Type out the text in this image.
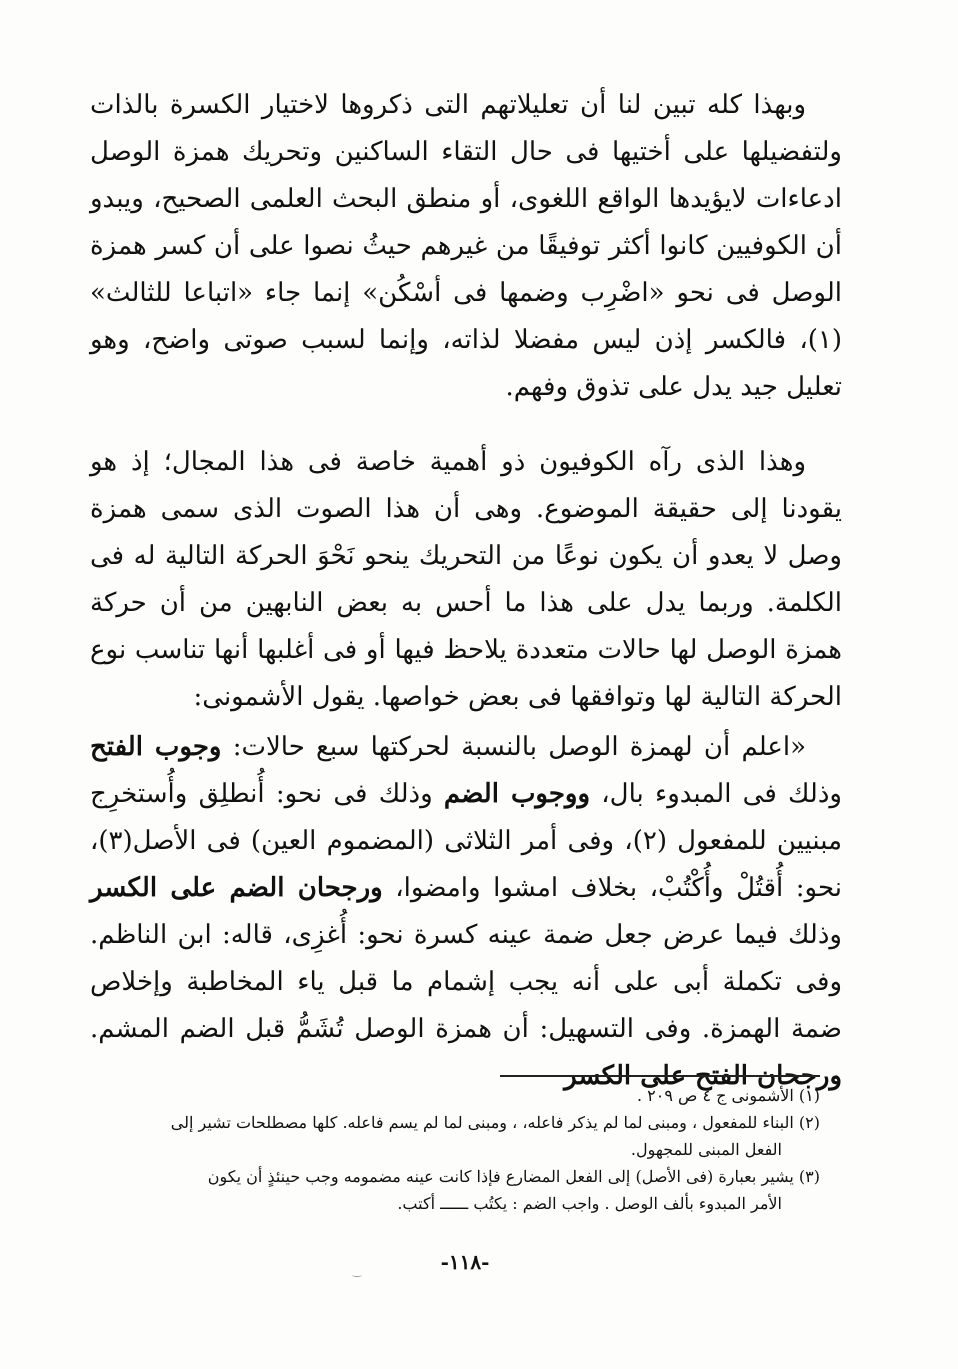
وبهذا كله تبين لنا أن تعليلاتهم التى ذكروها لاختيار الكسرة بالذات ولتفضيلها على أختيها فى حال التقاء الساكنين وتحريك همزة الوصل ادعاءات لايؤيدها الواقع اللغوى، أو منطق البحث العلمى الصحيح، ويبدو أن الكوفيين كانوا أكثر توفيقًا من غيرهم حيثُ نصوا على أن كسر همزة الوصل فى نحو «اضْرِب وضمها فى أسْكُن» إنما جاء «اتباعا للثالث» (١)، فالكسر إذن ليس مفضلا لذاته، وإنما لسبب صوتى واضح، وهو تعليل جيد يدل على تذوق وفهم.

وهذا الذى رآه الكوفيون ذو أهمية خاصة فى هذا المجال؛ إذ هو يقودنا إلى حقيقة الموضوع. وهى أن هذا الصوت الذى سمى همزة وصل لا يعدو أن يكون نوعًا من التحريك ينحو نَحْوَ الحركة التالية له فى الكلمة. وربما يدل على هذا ما أحس به بعض النابهين من أن حركة همزة الوصل لها حالات متعددة يلاحظ فيها أو فى أغلبها أنها تناسب نوع الحركة التالية لها وتوافقها فى بعض خواصها. يقول الأشمونى:

«اعلم أن لهمزة الوصل بالنسبة لحركتها سبع حالات: وجوب الفتح وذلك فى المبدوء بال، ووجوب الضم وذلك فى نحو: أُنطلِق وأُستخرِج مبنيين للمفعول (٢)، وفى أمر الثلاثى (المضموم العين) فى الأصل(٣)، نحو: أُقتُلْ وأُكْتُبْ، بخلاف امشوا وامضوا، ورجحان الضم على الكسر وذلك فيما عرض جعل ضمة عينه كسرة نحو: أُغزِى، قاله: ابن الناظم. وفى تكملة أبى على أنه يجب إشمام ما قبل ياء المخاطبة وإخلاص ضمة الهمزة. وفى التسهيل: أن همزة الوصل تُشَمُّ قبل الضم المشم. ورجحان الفتح على الكسر

(١) الأشمونى ج ٤ ص ٢٠٩ .

(٢) البناء للمفعول ، ومبنى لما لم يذكر فاعله، ، ومبنى لما لم يسم فاعله. كلها مصطلحات تشير إلى

الفعل المبنى للمجهول.

(٣) يشير بعبارة (فى الأصل) إلى الفعل المضارع فإذا كانت عينه مضمومه وجب حينئذٍ أن يكون

الأمر المبدوء بألف الوصل . واجب الضم : يكتُب ــــــ أكتب.

-١١٨-
